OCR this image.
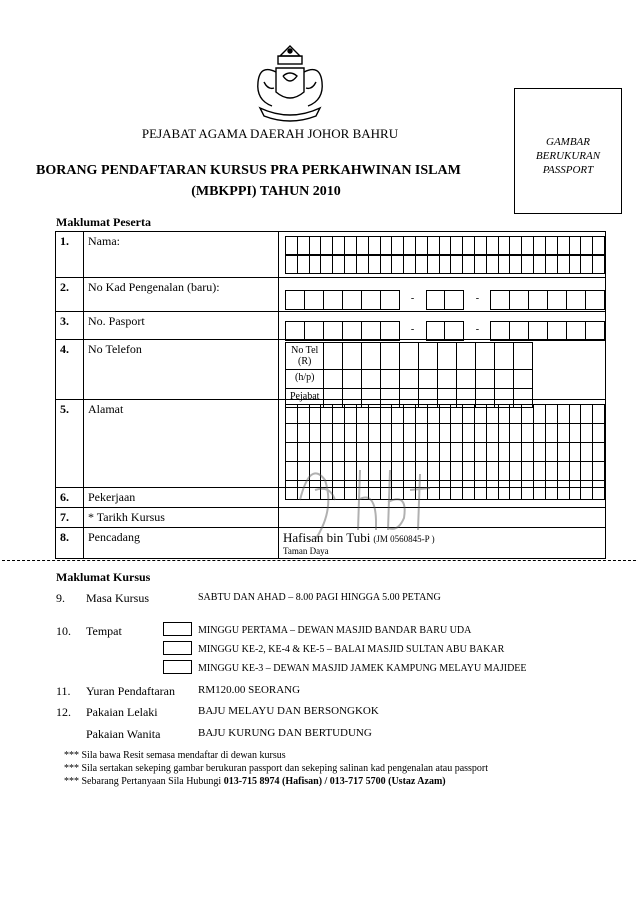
PEJABAT AGAMA DAERAH JOHOR BAHRU
BORANG PENDAFTARAN KURSUS PRA PERKAHWINAN ISLAM
(MBKPPI) TAHUN 2010
GAMBAR
BERUKURAN
PASSPORT
Maklumat Peserta
1.	Nama:	

2.	No Kad Pengenalan (baru):	
						-			-						

3.	No. Pasport	
						-			-						

4.	No Telefon		No Tel (R)											
(h/p)											
Pejabat											

5.	Alamat	

6.	Pekerjaan	
7.	* Tarikh Kursus	
8.	Pencadang	Hafisan bin Tubi (JM 0560845-P )
Taman Daya
Maklumat Kursus
9. Masa Kursus	SABTU DAN AHAD – 8.00 PAGI HINGGA 5.00 PETANG
10. Tempat	MINGGU PERTAMA – DEWAN MASJID BANDAR BARU UDA
MINGGU KE-2, KE-4 & KE-5 – BALAI MASJID SULTAN ABU BAKAR
MINGGU KE-3 – DEWAN MASJID JAMEK KAMPUNG MELAYU MAJIDEE
11. Yuran Pendaftaran RM120.00 SEORANG
12. Pakaian Lelaki	BAJU MELAYU DAN BERSONGKOK
Pakaian Wanita	BAJU KURUNG DAN BERTUDUNG
*** Sila bawa Resit semasa mendaftar di dewan kursus
*** Sila sertakan sekeping gambar berukuran passport dan sekeping salinan kad pengenalan atau passport
*** Sebarang Pertanyaan Sila Hubungi 013-715 8974 (Hafisan) / 013-717 5700 (Ustaz Azam)
